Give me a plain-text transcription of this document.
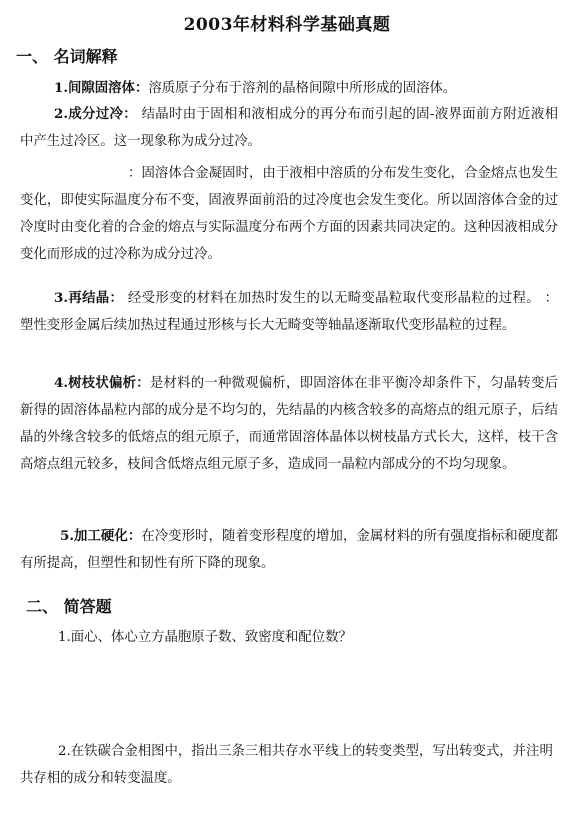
2003年材料科学基础真题
一、 名词解释
1.间隙固溶体：溶质原子分布于溶剂的晶格间隙中所形成的固溶体。
2.成分过冷： 结晶时由于固相和液相成分的再分布而引起的固-液界面前方附近液相中产生过冷区。这一现象称为成分过冷。
：固溶体合金凝固时，由于液相中溶质的分布发生变化，合金熔点也发生变化，即使实际温度分布不变，固液界面前沿的过冷度也会发生变化。所以固溶体合金的过冷度时由变化着的合金的熔点与实际温度分布两个方面的因素共同决定的。这种因液相成分变化而形成的过冷称为成分过冷。
3.再结晶： 经受形变的材料在加热时发生的以无畸变晶粒取代变形晶粒的过程。 ：塑性变形金属后续加热过程通过形核与长大无畸变等轴晶逐渐取代变形晶粒的过程。
4.树枝状偏析：是材料的一种微观偏析，即固溶体在非平衡冷却条件下，匀晶转变后新得的固溶体晶粒内部的成分是不均匀的，先结晶的内核含较多的高熔点的组元原子，后结晶的外缘含较多的低熔点的组元原子，而通常固溶体晶体以树枝晶方式长大，这样，枝干含高熔点组元较多，枝间含低熔点组元原子多，造成同一晶粒内部成分的不均匀现象。
5.加工硬化：在冷变形时，随着变形程度的增加，金属材料的所有强度指标和硬度都有所提高，但塑性和韧性有所下降的现象。
二、 简答题
1.面心、体心立方晶胞原子数、致密度和配位数？
2.在铁碳合金相图中，指出三条三相共存水平线上的转变类型，写出转变式，并注明共存相的成分和转变温度。
